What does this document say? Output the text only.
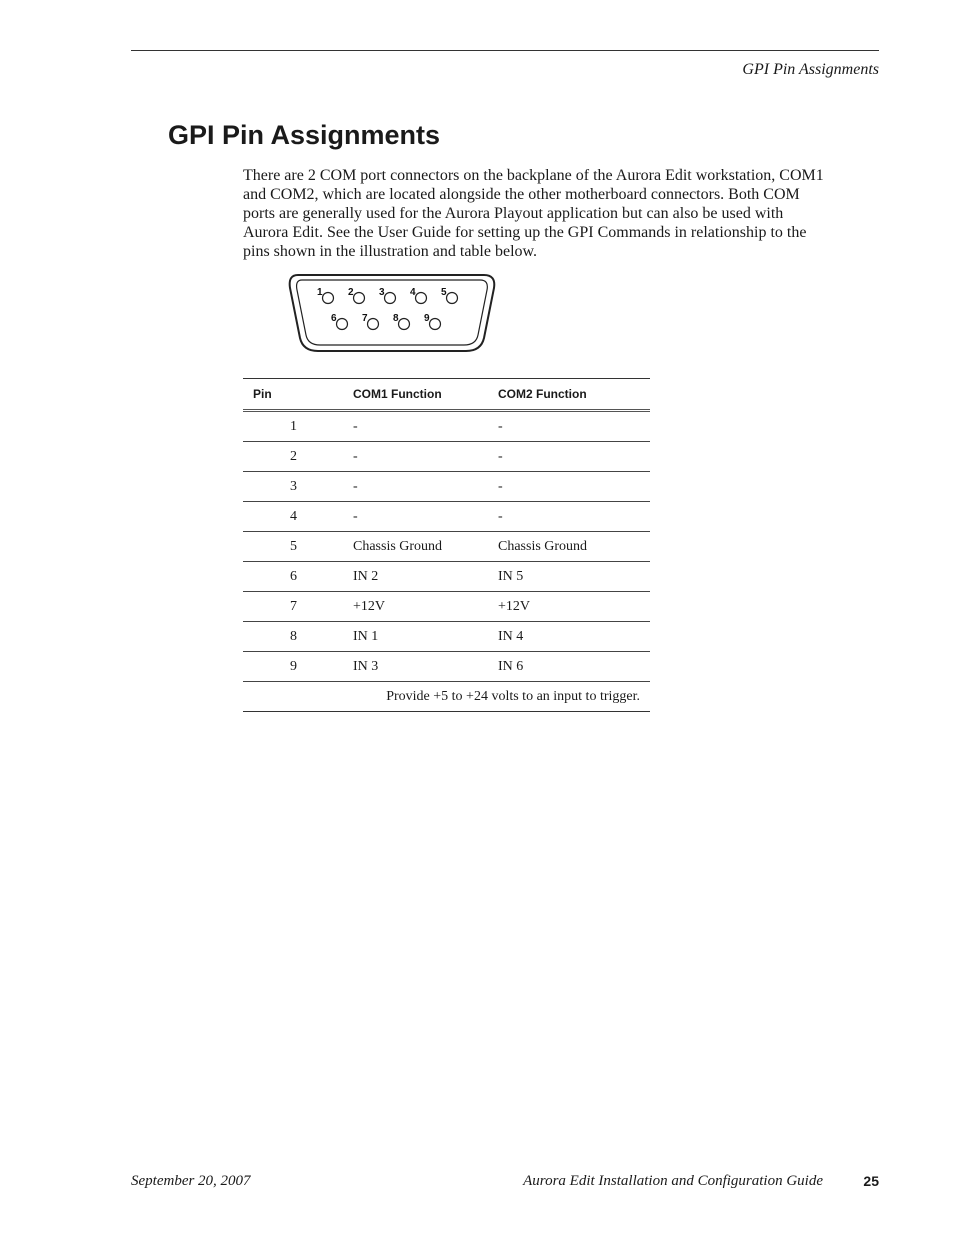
GPI Pin Assignments
GPI Pin Assignments

There are 2 COM port connectors on the backplane of the Aurora Edit workstation, COM1 and COM2, which are located alongside the other motherboard connectors. Both COM ports are generally used for the Aurora Playout application but can also be used with Aurora Edit. See the User Guide for setting up the GPI Commands in relationship to the pins shown in the illustration and table below.

1	2	3	4	5
6	7	8	9
Pin	COM1 Function	COM2 Function
1	-	-
2	-	-
3	-	-
4	-	-
5	Chassis Ground	Chassis Ground
6	IN 2	IN 5
7	+12V	+12V
8	IN 1	IN 4
9	IN 3	IN 6
Provide +5 to +24 volts to an input to trigger.		
September 20, 2007	Aurora Edit Installation and Configuration Guide	25
